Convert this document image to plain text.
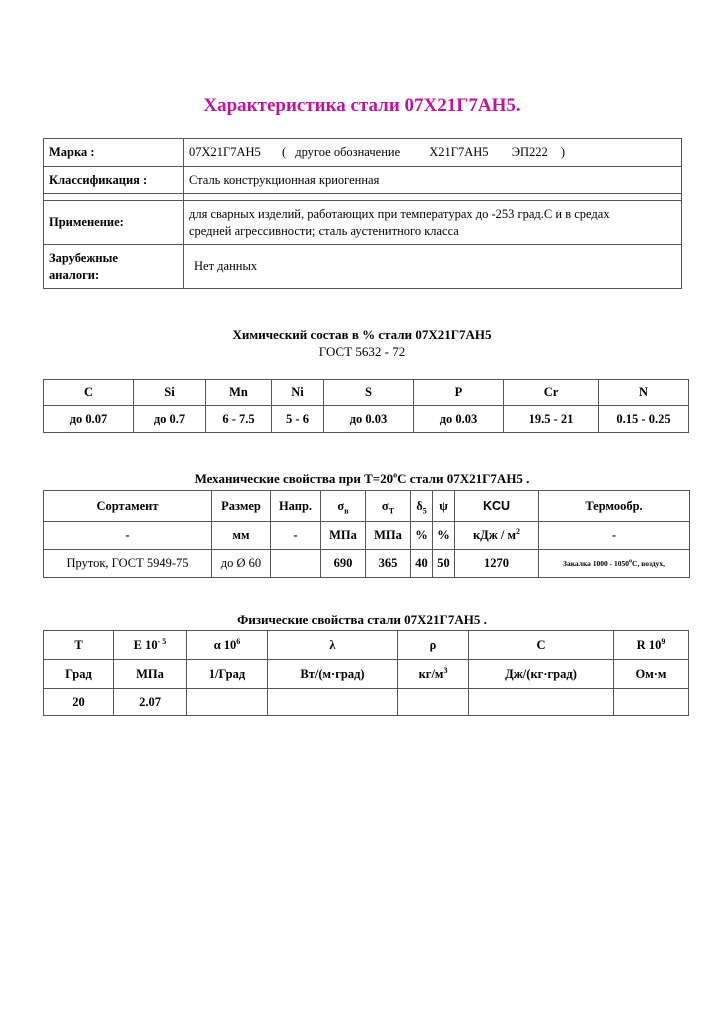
Характеристика стали 07Х21Г7АН5.
Марка :	07Х21Г7АН5 ( другое обозначение Х21Г7АН5 ЭП222 )
Классификация :	Сталь конструкционная криогенная

Применение:	для сварных изделий, работающих при температурах до -253 град.С и в средах
средней агрессивности; сталь аустенитного класса

Зарубежные
аналоги:	Нет данных
Химический состав в % стали 07Х21Г7АН5
ГОСТ 5632 - 72
C	Si	Mn	Ni	S	P	Cr	N
до 0.07	до 0.7	6 - 7.5	5 - 6	до 0.03	до 0.03	19.5 - 21	0.15 - 0.25
Механические свойства при $Т=20^oС$ стали 07Х21Г7АН5 .
Сортамент	Размер	Напр.	$\sigma_в$	$\sigma_T$	$\delta_5$	ψ	KCU	Термообр.
-	мм	-	МПа	МПа	%	%	кДж / $м^2$	-
Пруток, ГОСТ 5949-75	до Ø 60		690	365	40	50	1270	Закалка 1000 - 1050$^o$C, воздух,
Физические свойства стали 07Х21Г7АН5 .
T	E $10^{- 5}$	α $10^6$	λ	ρ	C	R $10^9$
Град	МПа	1/Град	Вт/(м·град)	$кг/м^3$	Дж/(кг·град)	Ом·м
20	2.07					
